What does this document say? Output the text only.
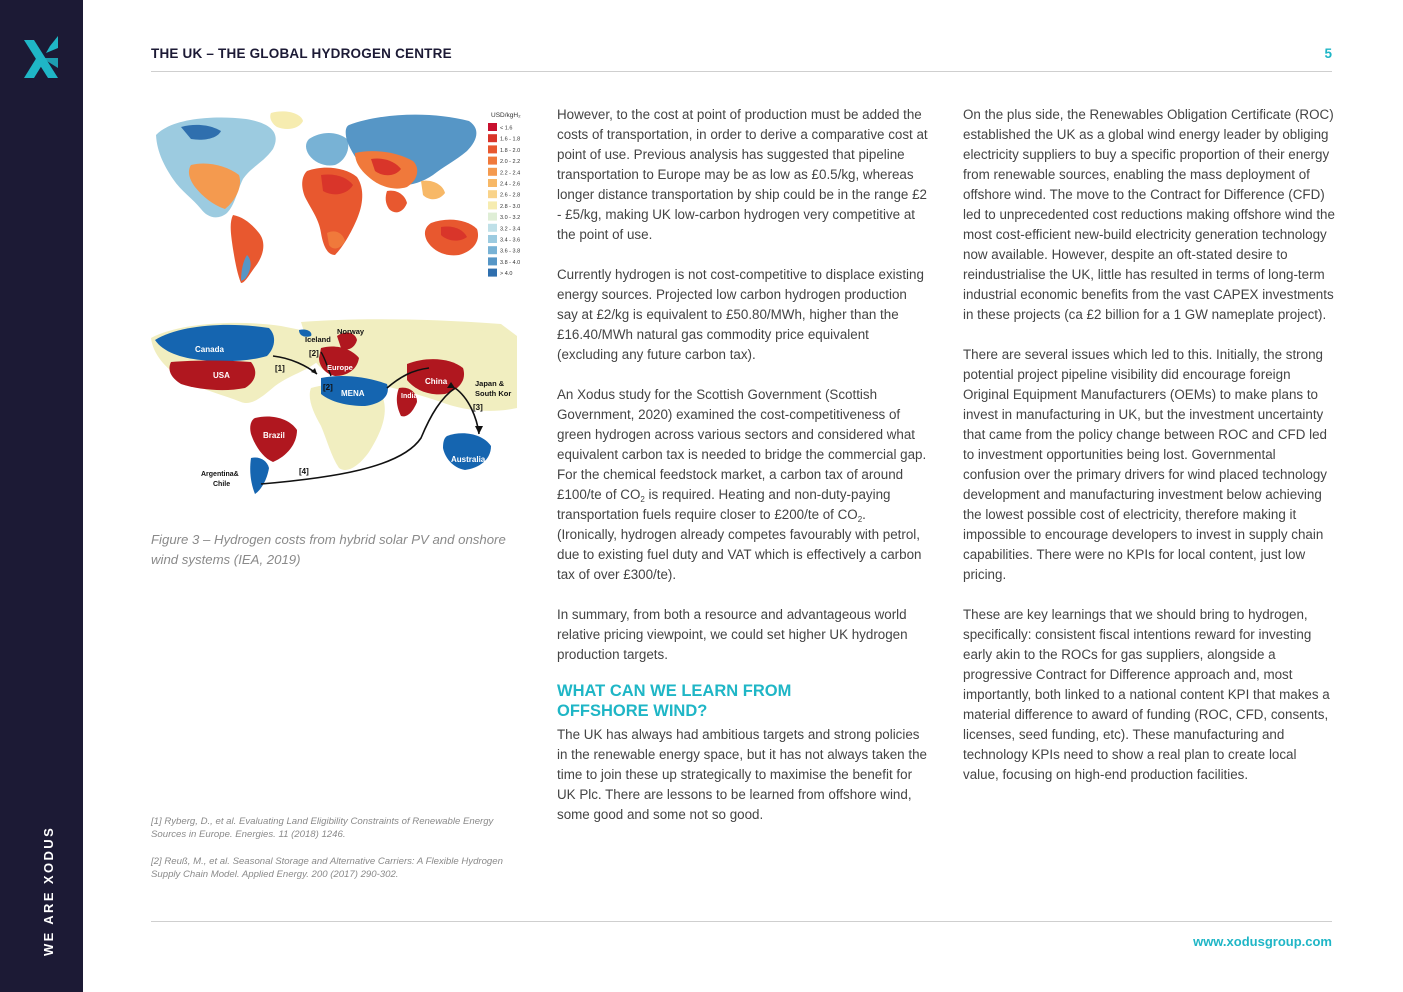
WE ARE XODUS
THE UK – THE GLOBAL HYDROGEN CENTRE	5
USD/kgH₂
< 1.6
1.6 - 1.8
1.8 - 2.0
2.0 - 2.2
2.2 - 2.4
2.4 - 2.6
2.6 - 2.8
2.8 - 3.0
3.0 - 3.2
3.2 - 3.4
3.4 - 3.6
3.6 - 3.8
3.8 - 4.0
> 4.0
Canada
USA
Brazil
Argentina&
Chile
Iceland
Norway
Europe
MENA	India
China	Japan &
South Kor
Australia
[1]
[2]
[2]
[3]
[4]
Figure 3 – Hydrogen costs from hybrid solar PV and onshore wind systems (IEA, 2019)

[1] Ryberg, D., et al. Evaluating Land Eligibility Constraints of Renewable Energy Sources in Europe. Energies. 11 (2018) 1246.

[2] Reuß, M., et al. Seasonal Storage and Alternative Carriers: A Flexible Hydrogen Supply Chain Model. Applied Energy. 200 (2017) 290-302.

However, to the cost at point of production must be added the costs of transportation, in order to derive a comparative cost at point of use. Previous analysis has suggested that pipeline transportation to Europe may be as low as £0.5/kg, whereas longer distance transportation by ship could be in the range £2 - £5/kg, making UK low-carbon hydrogen very competitive at the point of use.

Currently hydrogen is not cost-competitive to displace existing energy sources. Projected low carbon hydrogen production say at £2/kg is equivalent to £50.80/MWh, higher than the £16.40/MWh natural gas commodity price equivalent (excluding any future carbon tax).

An Xodus study for the Scottish Government (Scottish Government, 2020) examined the cost-competitiveness of green hydrogen across various sectors and considered what equivalent carbon tax is needed to bridge the commercial gap. For the chemical feedstock market, a carbon tax of around £100/te of $CO_2$ is required. Heating and non-duty-paying transportation fuels require closer to £200/te of $CO_2$. (Ironically, hydrogen already competes favourably with petrol, due to existing fuel duty and VAT which is effectively a carbon tax of over £300/te).

In summary, from both a resource and advantageous world relative pricing viewpoint, we could set higher UK hydrogen production targets.

WHAT CAN WE LEARN FROM
OFFSHORE WIND?

The UK has always had ambitious targets and strong policies in the renewable energy space, but it has not always taken the time to join these up strategically to maximise the benefit for UK Plc. There are lessons to be learned from offshore wind, some good and some not so good.

On the plus side, the Renewables Obligation Certificate (ROC) established the UK as a global wind energy leader by obliging electricity suppliers to buy a specific proportion of their energy from renewable sources, enabling the mass deployment of offshore wind. The move to the Contract for Difference (CFD) led to unprecedented cost reductions making offshore wind the most cost-efficient new-build electricity generation technology now available. However, despite an oft-stated desire to reindustrialise the UK, little has resulted in terms of long-term industrial economic benefits from the vast CAPEX investments in these projects (ca £2 billion for a 1 GW nameplate project).

There are several issues which led to this. Initially, the strong potential project pipeline visibility did encourage foreign Original Equipment Manufacturers (OEMs) to make plans to invest in manufacturing in UK, but the investment uncertainty that came from the policy change between ROC and CFD led to investment opportunities being lost. Governmental confusion over the primary drivers for wind placed technology development and manufacturing investment below achieving the lowest possible cost of electricity, therefore making it impossible to encourage developers to invest in supply chain capabilities. There were no KPIs for local content, just low pricing.

These are key learnings that we should bring to hydrogen, specifically: consistent fiscal intentions reward for investing early akin to the ROCs for gas suppliers, alongside a progressive Contract for Difference approach and, most importantly, both linked to a national content KPI that makes a material difference to award of funding (ROC, CFD, consents, licenses, seed funding, etc). These manufacturing and technology KPIs need to show a real plan to create local value, focusing on high-end production facilities.

www.xodusgroup.com
